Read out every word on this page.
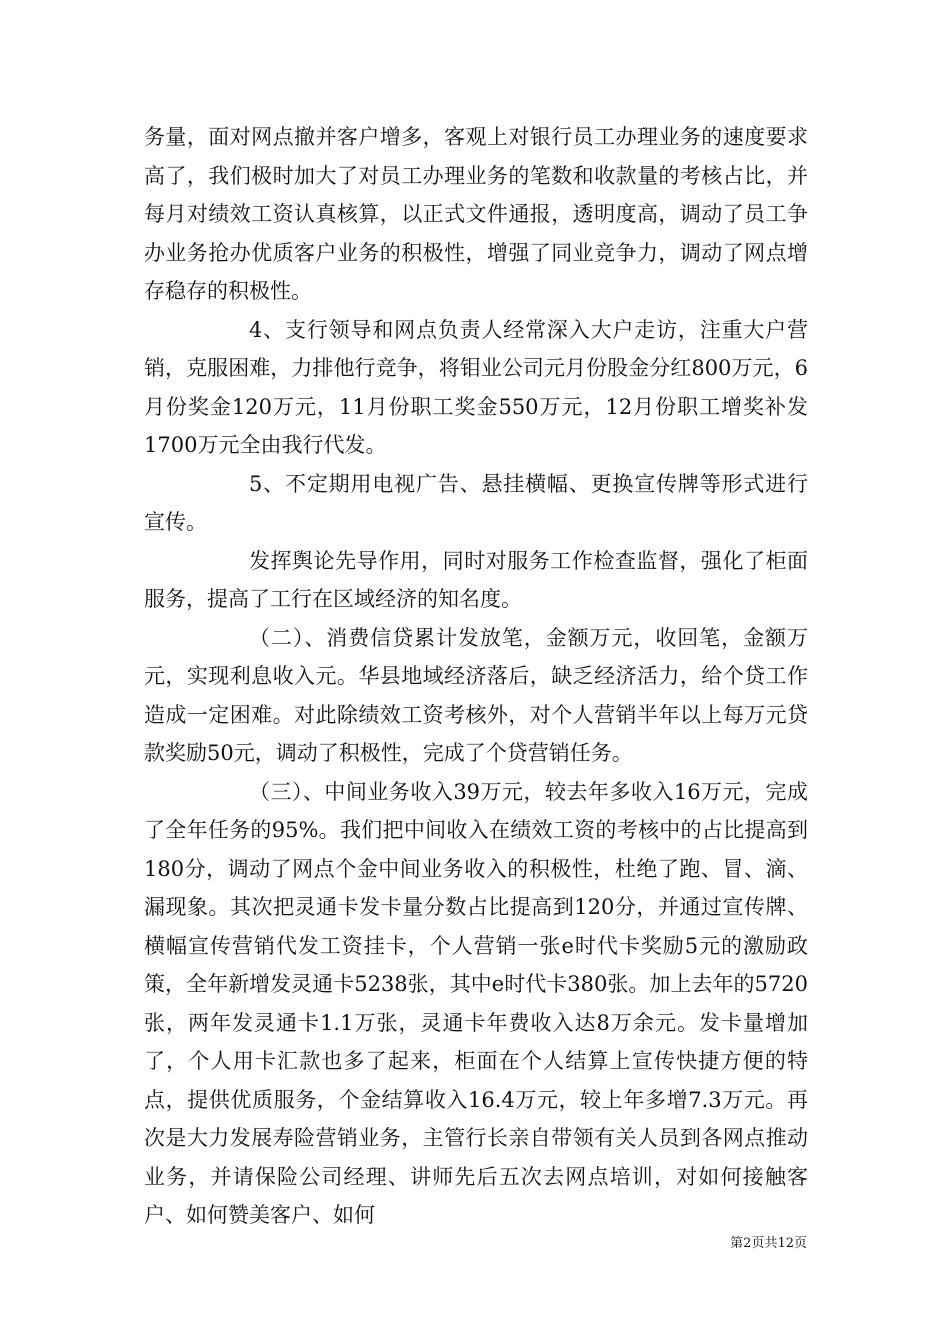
务量，面对网点撤并客户增多，客观上对银行员工办理业务的速度要求高了，我们极时加大了对员工办理业务的笔数和收款量的考核占比，并每月对绩效工资认真核算，以正式文件通报，透明度高，调动了员工争办业务抢办优质客户业务的积极性，增强了同业竞争力，调动了网点增存稳存的积极性。

4、支行领导和网点负责人经常深入大户走访，注重大户营销，克服困难，力排他行竞争，将钼业公司元月份股金分红800万元，6月份奖金120万元，11月份职工奖金550万元，12月份职工增奖补发1700万元全由我行代发。

5、不定期用电视广告、悬挂横幅、更换宣传牌等形式进行宣传。

发挥舆论先导作用，同时对服务工作检查监督，强化了柜面服务，提高了工行在区域经济的知名度。

（二）、消费信贷累计发放笔，金额万元，收回笔，金额万元，实现利息收入元。华县地域经济落后，缺乏经济活力，给个贷工作造成一定困难。对此除绩效工资考核外，对个人营销半年以上每万元贷款奖励50元，调动了积极性，完成了个贷营销任务。

（三）、中间业务收入39万元，较去年多收入16万元，完成了全年任务的95%。我们把中间收入在绩效工资的考核中的占比提高到180分，调动了网点个金中间业务收入的积极性，杜绝了跑、冒、滴、漏现象。其次把灵通卡发卡量分数占比提高到120分，并通过宣传牌、横幅宣传营销代发工资挂卡，个人营销一张e时代卡奖励5元的激励政策，全年新增发灵通卡5238张，其中e时代卡380张。加上去年的5720张，两年发灵通卡1.1万张，灵通卡年费收入达8万余元。发卡量增加了，个人用卡汇款也多了起来，柜面在个人结算上宣传快捷方便的特点，提供优质服务，个金结算收入16.4万元，较上年多增7.3万元。再次是大力发展寿险营销业务，主管行长亲自带领有关人员到各网点推动业务，并请保险公司经理、讲师先后五次去网点培训，对如何接触客户、如何赞美客户、如何

第2页共12页
